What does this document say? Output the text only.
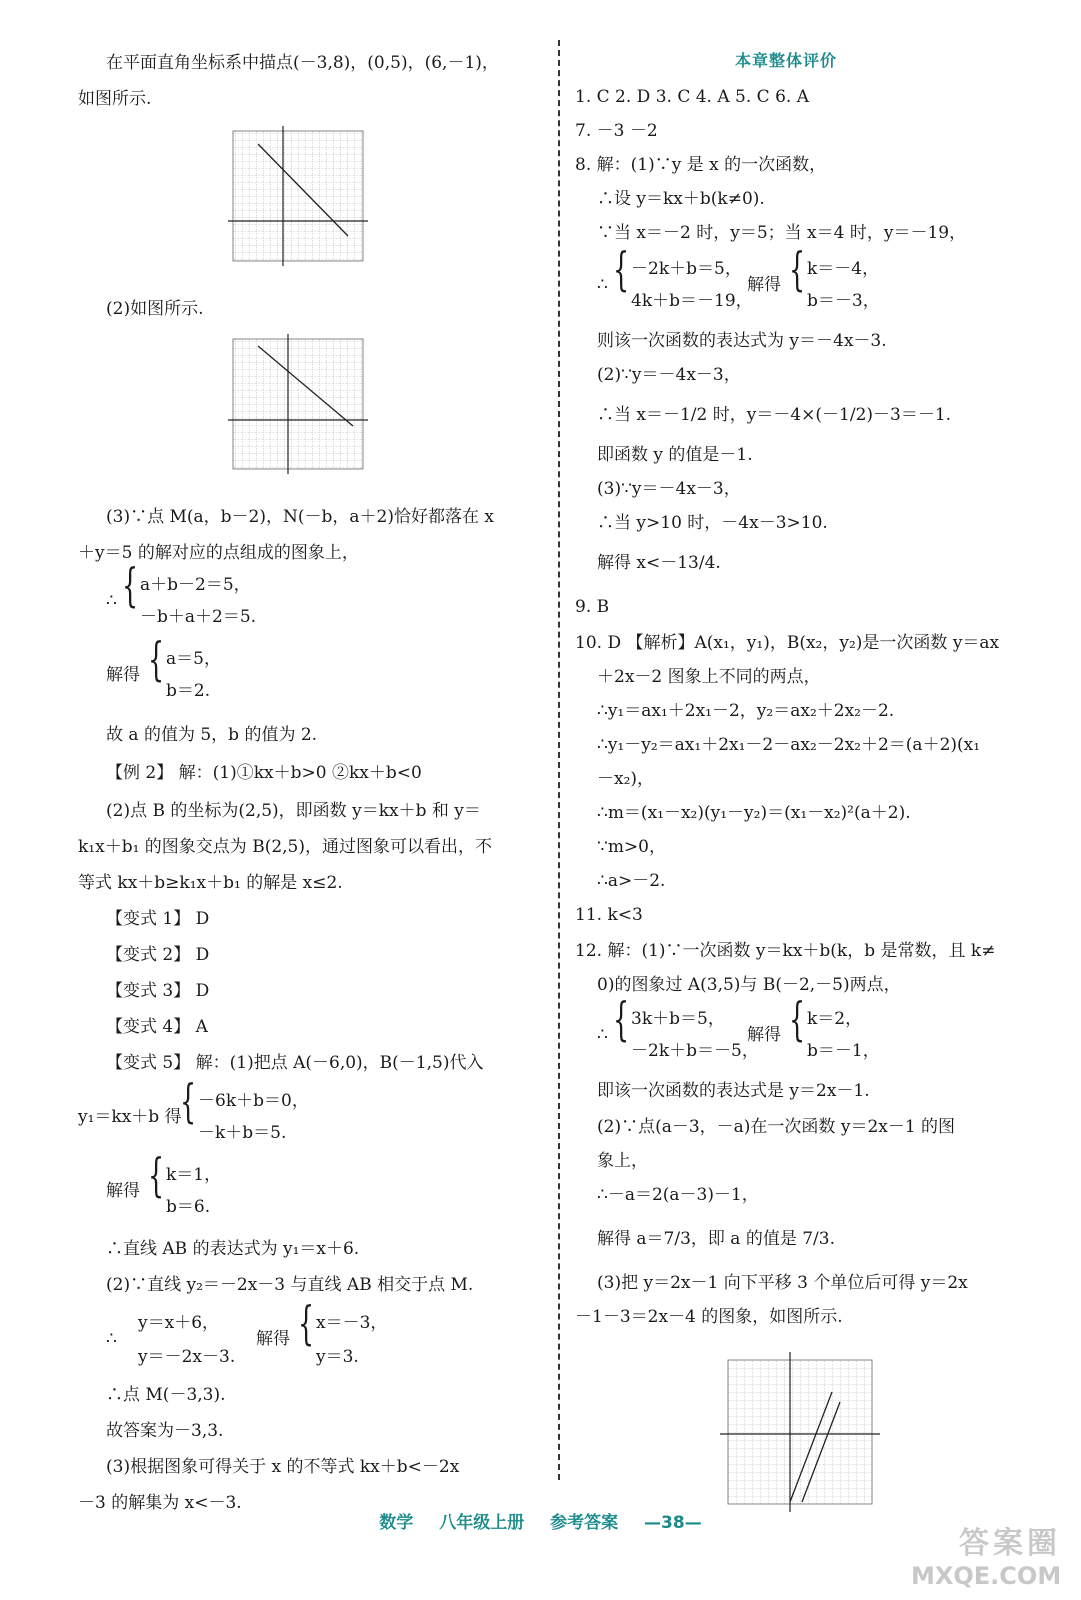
在平面直角坐标系中描点(－3,8)，(0,5)，(6,－1)，
如图所示.
(2)如图所示.
(3)∵点 M(a，b－2)，N(－b，a＋2)恰好都落在 x
＋y＝5 的解对应的点组成的图象上，
∴ { a＋b－2＝5，
－b＋a＋2＝5.
解得 { a＝5，
b＝2.
故 a 的值为 5，b 的值为 2.
【例 2】 解：(1)①kx＋b>0 ②kx＋b<0
(2)点 B 的坐标为(2,5)，即函数 y＝kx＋b 和 y＝
k₁x＋b₁ 的图象交点为 B(2,5)，通过图象可以看出，不
等式 kx＋b≥k₁x＋b₁ 的解是 x≤2.
【变式 1】 D
【变式 2】 D
【变式 3】 D
【变式 4】 A
【变式 5】 解：(1)把点 A(－6,0)，B(－1,5)代入
y₁＝kx＋b 得
{ －6k＋b＝0，
－k＋b＝5.
解得 { k＝1，
b＝6.
∴直线 AB 的表达式为 y₁＝x＋6.
(2)∵直线 y₂＝－2x－3 与直线 AB 相交于点 M.
∴
y＝x＋6，
y＝－2x－3.
解得 { x＝－3，
y＝3.
∴点 M(－3,3).
故答案为－3,3.
(3)根据图象可得关于 x 的不等式 kx＋b<－2x
－3 的解集为 x<－3.
本章整体评价
1. C 2. D 3. C 4. A 5. C 6. A
7. －3 －2
8. 解：(1)∵y 是 x 的一次函数，
∴设 y＝kx＋b(k≠0).
∵当 x＝－2 时，y＝5；当 x＝4 时，y＝－19，
∴ { －2k＋b＝5，
4k＋b＝－19，
解得 { k＝－4，
b＝－3，
则该一次函数的表达式为 y＝－4x－3.
(2)∵y＝－4x－3，
∴当 x＝－1/2 时，y＝－4×(－1/2)－3＝－1.
即函数 y 的值是－1.
(3)∵y＝－4x－3，
∴当 y>10 时，－4x－3>10.
解得 x<－13/4.
9. B
10. D 【解析】A(x₁，y₁)，B(x₂，y₂)是一次函数 y＝ax
＋2x－2 图象上不同的两点，
∴y₁＝ax₁＋2x₁－2，y₂＝ax₂＋2x₂－2.
∴y₁－y₂＝ax₁＋2x₁－2－ax₂－2x₂＋2＝(a＋2)(x₁
－x₂)，
∴m＝(x₁－x₂)(y₁－y₂)＝(x₁－x₂)²(a＋2).
∵m>0，
∴a>－2.
11. k<3
12. 解：(1)∵一次函数 y＝kx＋b(k，b 是常数，且 k≠
0)的图象过 A(3,5)与 B(－2,－5)两点，
∴ { 3k＋b＝5，
－2k＋b＝－5，
解得 { k＝2，
b＝－1，
即该一次函数的表达式是 y＝2x－1.
(2)∵点(a－3，－a)在一次函数 y＝2x－1 的图
象上，
∴－a＝2(a－3)－1，
解得 a＝7/3，即 a 的值是 7/3.
(3)把 y＝2x－1 向下平移 3 个单位后可得 y＝2x
－1－3＝2x－4 的图象，如图所示.
数学 八年级上册 参考答案 —38—
答案圈
MXQE.COM
